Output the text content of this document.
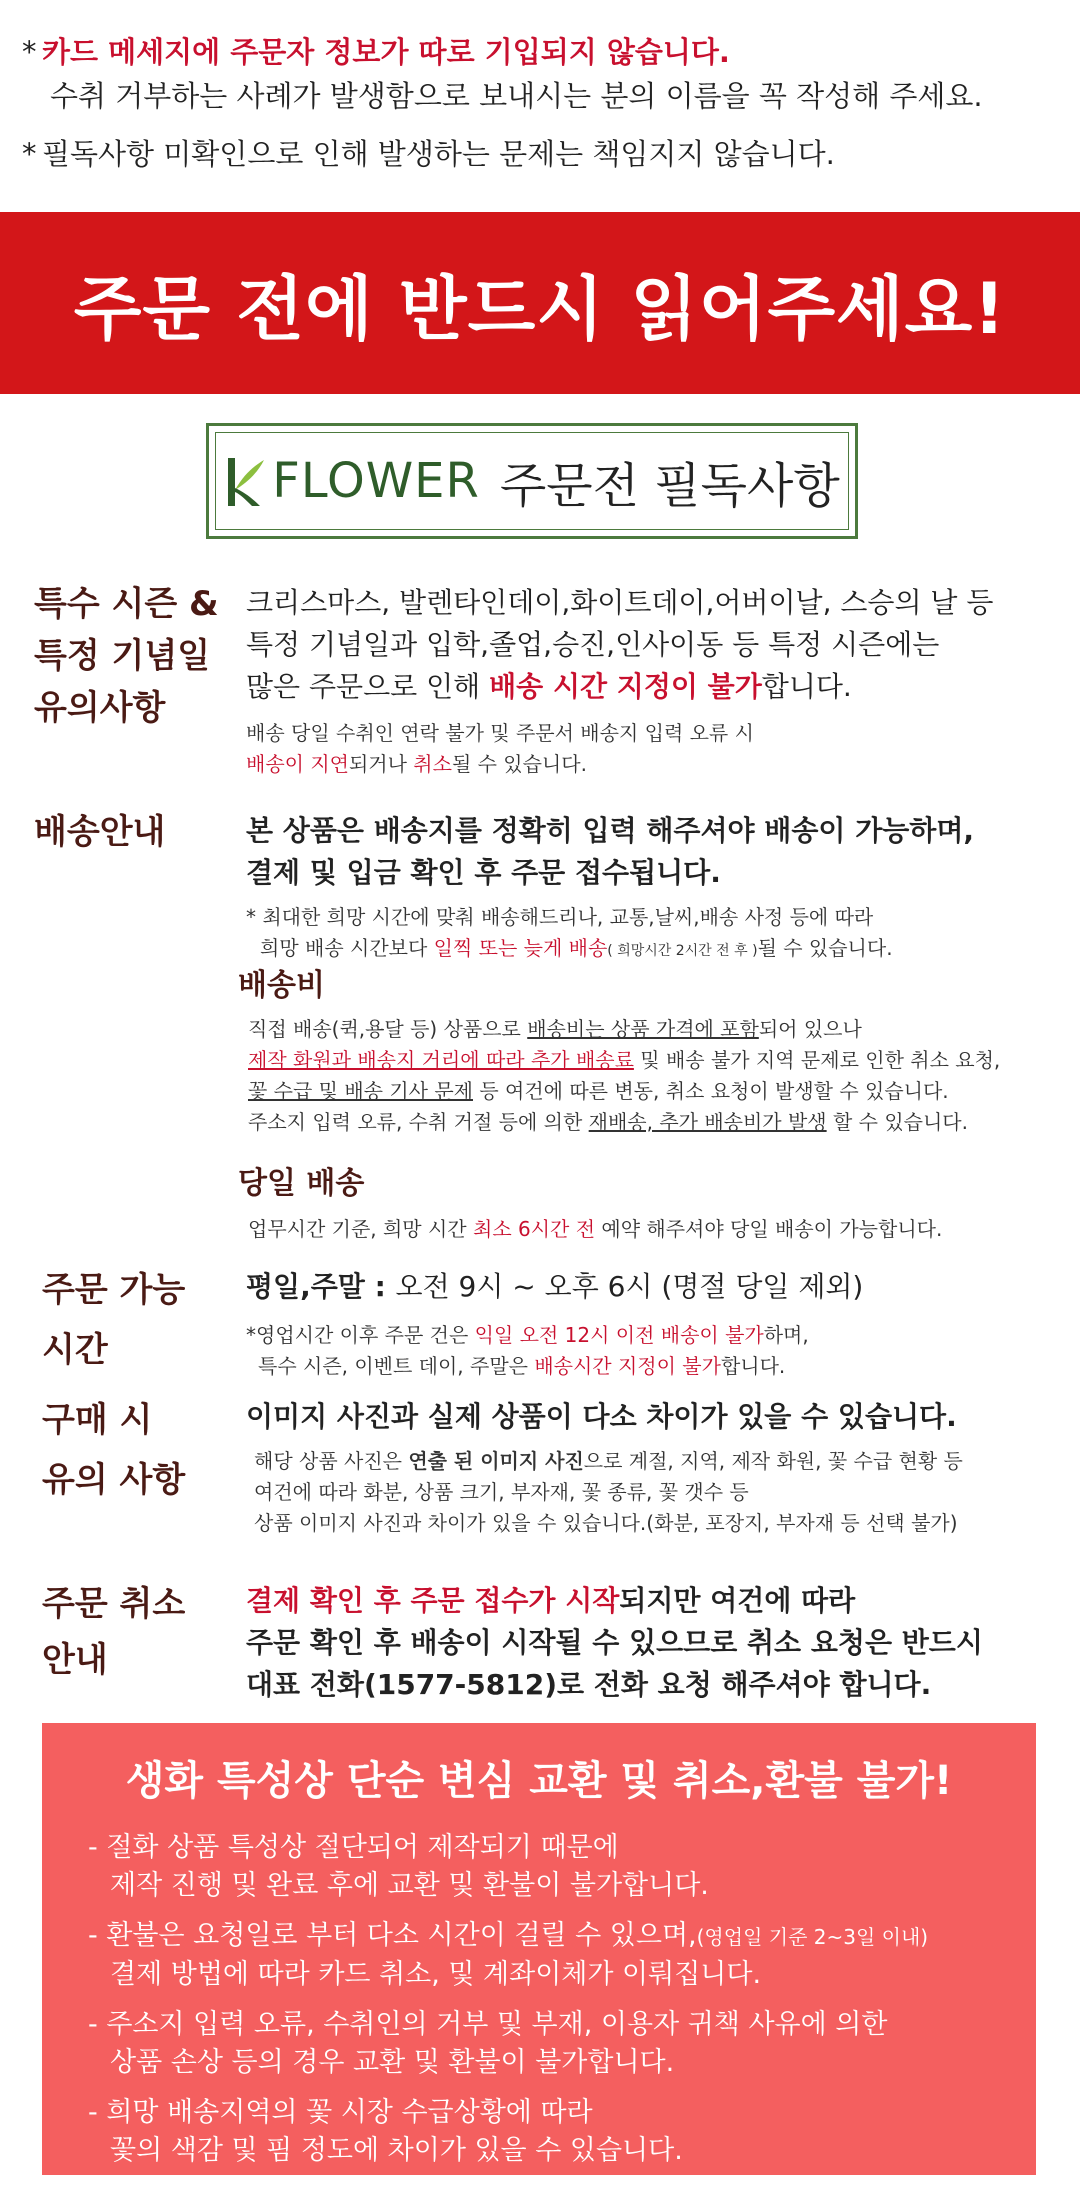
* 카드 메세지에 주문자 정보가 따로 기입되지 않습니다.
수취 거부하는 사례가 발생함으로 보내시는 분의 이름을 꼭 작성해 주세요.
* 필독사항 미확인으로 인해 발생하는 문제는 책임지지 않습니다.
주문 전에 반드시 읽어주세요!
FLOWER 주문전 필독사항
특수 시즌 &
특정 기념일
유의사항
크리스마스, 발렌타인데이,화이트데이,어버이날, 스승의 날 등
특정 기념일과 입학,졸업,승진,인사이동 등 특정 시즌에는
많은 주문으로 인해 배송 시간 지정이 불가합니다.
배송 당일 수취인 연락 불가 및 주문서 배송지 입력 오류 시
배송이 지연되거나 취소될 수 있습니다.
배송안내	본 상품은 배송지를 정확히 입력 해주셔야 배송이 가능하며,
결제 및 입금 확인 후 주문 접수됩니다.
* 최대한 희망 시간에 맞춰 배송해드리나, 교통,날씨,배송 사정 등에 따라
희망 배송 시간보다 일찍 또는 늦게 배송( 희망시간 2시간 전 후 )될 수 있습니다.
배송비
직접 배송(퀵,용달 등) 상품으로 배송비는 상품 가격에 포함되어 있으나
제작 화원과 배송지 거리에 따라 추가 배송료 및 배송 불가 지역 문제로 인한 취소 요청,
꽃 수급 및 배송 기사 문제 등 여건에 따른 변동, 취소 요청이 발생할 수 있습니다.
주소지 입력 오류, 수취 거절 등에 의한 재배송, 추가 배송비가 발생 할 수 있습니다.
당일 배송
업무시간 기준, 희망 시간 최소 6시간 전 예약 해주셔야 당일 배송이 가능합니다.
주문 가능
시간
평일,주말 : 오전 9시 ~ 오후 6시 (명절 당일 제외)
*영업시간 이후 주문 건은 익일 오전 12시 이전 배송이 불가하며,
특수 시즌, 이벤트 데이, 주말은 배송시간 지정이 불가합니다.
구매 시
유의 사항
이미지 사진과 실제 상품이 다소 차이가 있을 수 있습니다.
해당 상품 사진은 연출 된 이미지 사진으로 계절, 지역, 제작 화원, 꽃 수급 현황 등
여건에 따라 화분, 상품 크기, 부자재, 꽃 종류, 꽃 갯수 등
상품 이미지 사진과 차이가 있을 수 있습니다.(화분, 포장지, 부자재 등 선택 불가)
주문 취소
안내
결제 확인 후 주문 접수가 시작되지만 여건에 따라
주문 확인 후 배송이 시작될 수 있으므로 취소 요청은 반드시
대표 전화(1577-5812)로 전화 요청 해주셔야 합니다.
생화 특성상 단순 변심 교환 및 취소,환불 불가!
- 절화 상품 특성상 절단되어 제작되기 때문에
제작 진행 및 완료 후에 교환 및 환불이 불가합니다.
- 환불은 요청일로 부터 다소 시간이 걸릴 수 있으며,(영업일 기준 2~3일 이내)
결제 방법에 따라 카드 취소, 및 계좌이체가 이뤄집니다.
- 주소지 입력 오류, 수취인의 거부 및 부재, 이용자 귀책 사유에 의한
상품 손상 등의 경우 교환 및 환불이 불가합니다.
- 희망 배송지역의 꽃 시장 수급상황에 따라
꽃의 색감 및 핌 정도에 차이가 있을 수 있습니다.
